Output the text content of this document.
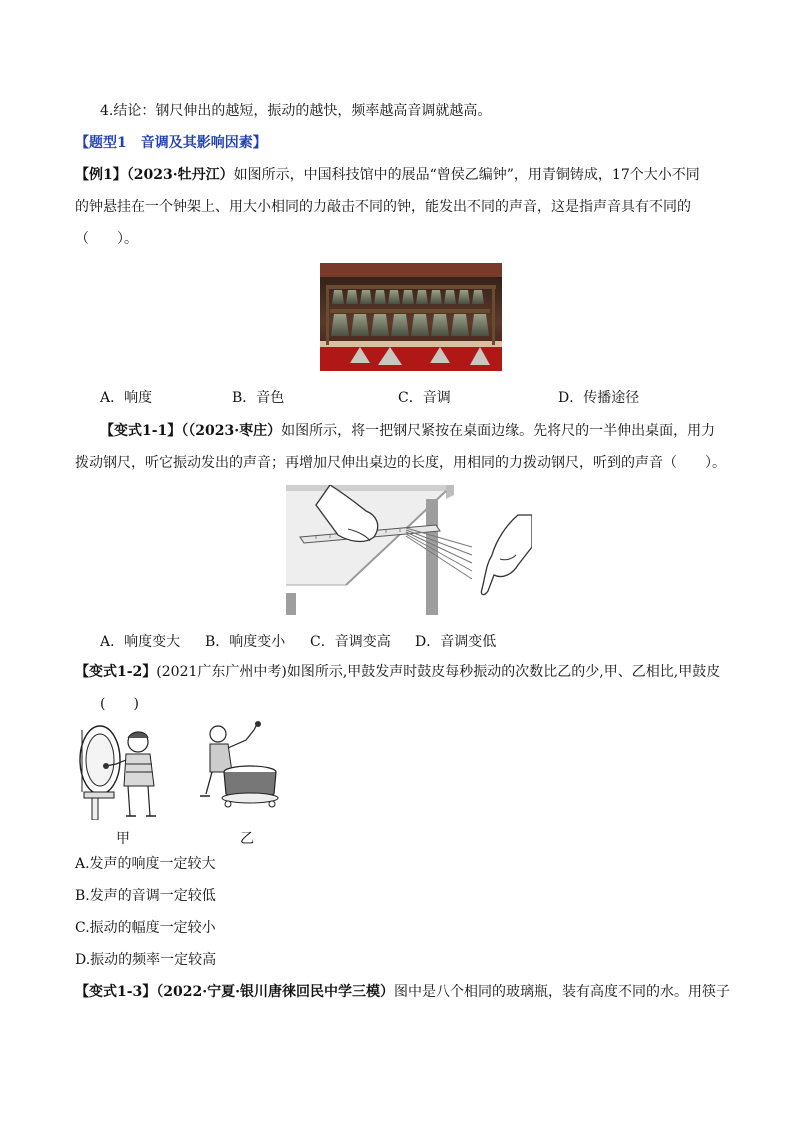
4.结论：钢尺伸出的越短，振动的越快，频率越高音调就越高。
【题型1　音调及其影响因素】
【例1】（2023·牡丹江）如图所示，中国科技馆中的展品“曾侯乙编钟”，用青铜铸成，17个大小不同
的钟悬挂在一个钟架上、用大小相同的力敲击不同的钟，能发出不同的声音，这是指声音具有不同的
（　　）。
A．响度	B．音色	C．音调	D．传播途径
【变式1-1】（（2023·枣庄）如图所示，将一把钢尺紧按在桌面边缘。先将尺的一半伸出桌面，用力
拨动钢尺，听它振动发出的声音；再增加尺伸出桌边的长度，用相同的力拨动钢尺，听到的声音（　　）。
A．响度变大 B．响度变小 C．音调变高 D．音调变低
【变式1-2】(2021广东广州中考)如图所示,甲鼓发声时鼓皮每秒振动的次数比乙的少,甲、乙相比,甲鼓皮
(　　)
甲	乙
A.发声的响度一定较大
B.发声的音调一定较低
C.振动的幅度一定较小
D.振动的频率一定较高
【变式1-3】（2022·宁夏·银川唐徕回民中学三模）图中是八个相同的玻璃瓶，装有高度不同的水。用筷子
